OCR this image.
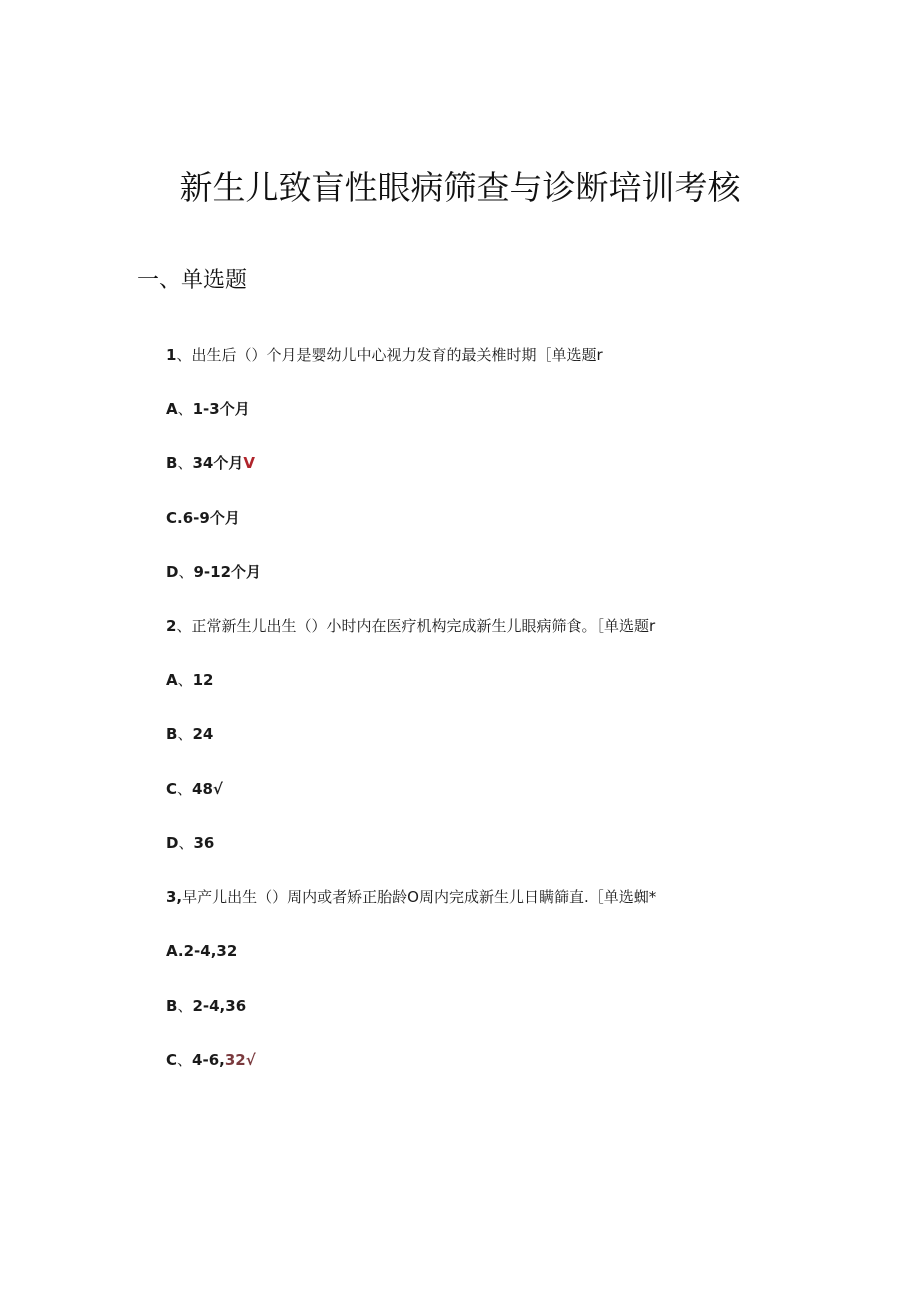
新生儿致盲性眼病筛查与诊断培训考核
一、单选题
1、出生后（）个月是婴幼儿中心视力发育的最关椎时期［单选题r
A、1-3个月
B、34个月V
C.6-9个月
D、9-12个月
2、正常新生儿出生（）小时内在医疗机构完成新生儿眼病筛食。［单选题r
A、12
B、24
C、48√
D、36
3,早产儿出生（）周内或者矫正胎龄O周内完成新生儿日瞒篩直.［单选蜘*
A.2-4,32
B、2-4,36
C、4-6,32√
